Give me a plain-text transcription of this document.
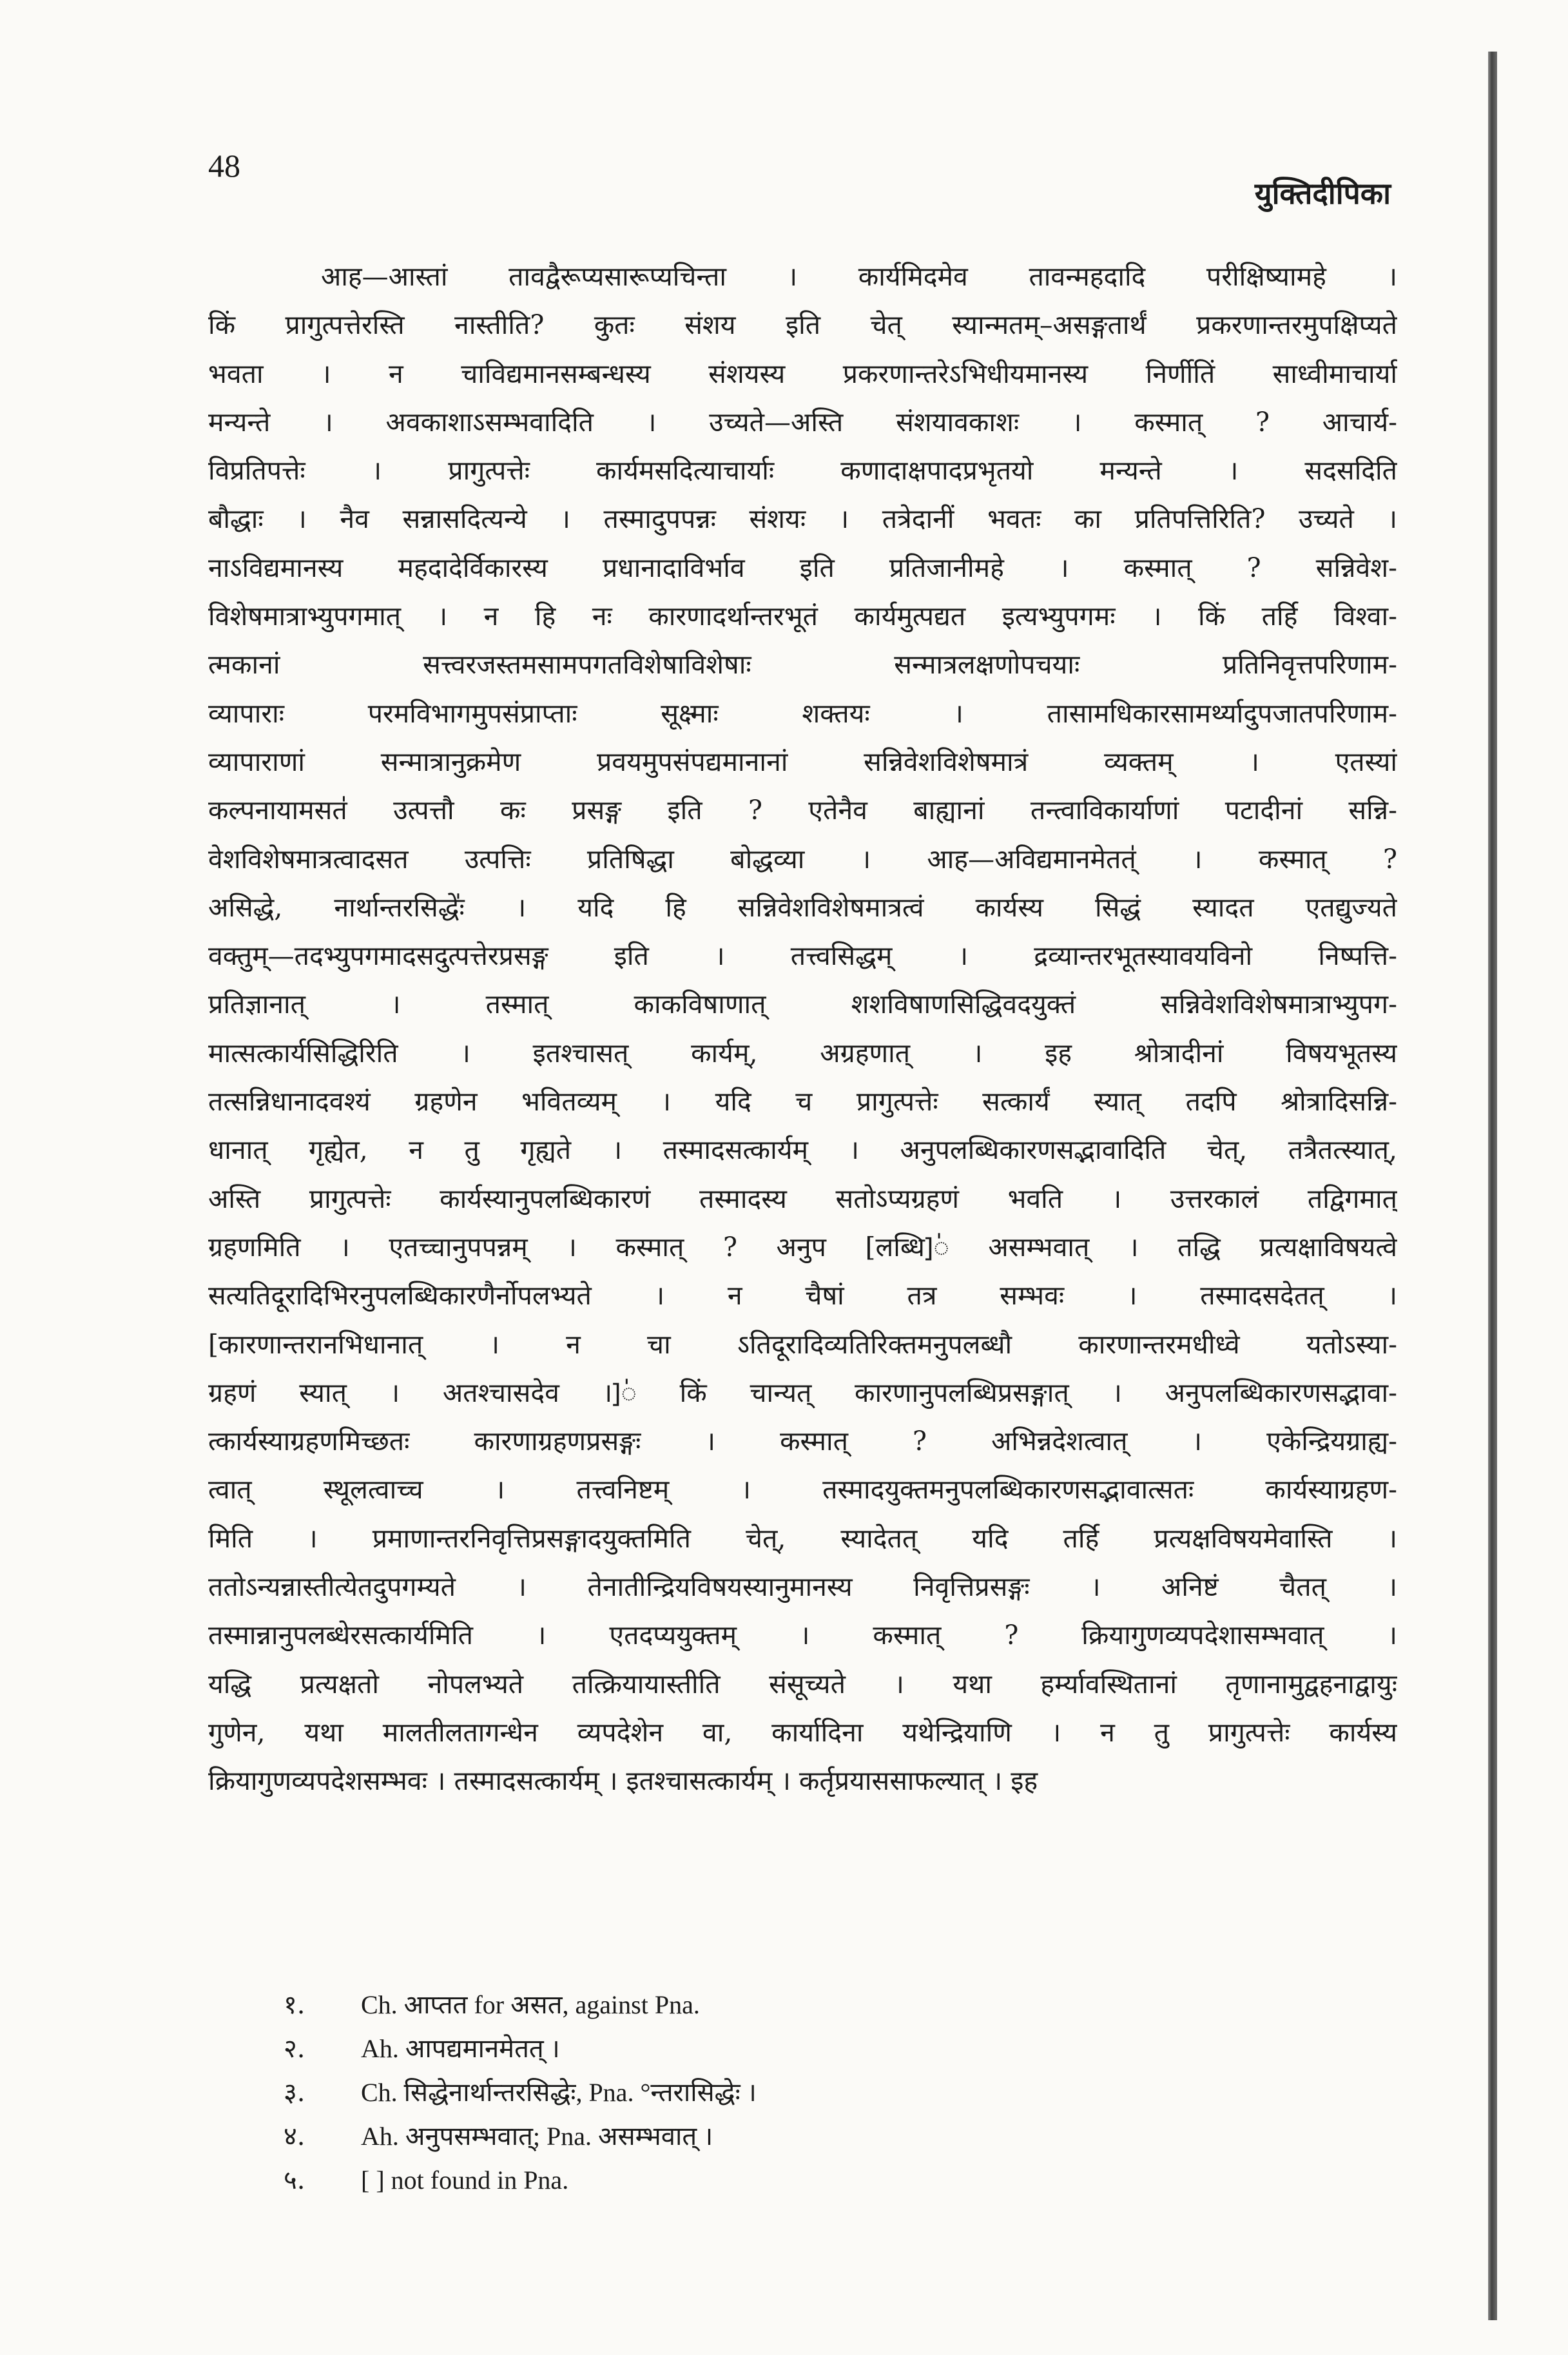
48
युक्तिदीपिका
आह—आस्तां तावद्वैरूप्यसारूप्यचिन्ता । कार्यमिदमेव तावन्महदादि परीक्षिष्यामहे ।
किं प्रागुत्पत्तेरस्ति नास्तीति? कुतः संशय इति चेत् स्यान्मतम्–असङ्गतार्थं प्रकरणान्तरमुपक्षिप्यते
भवता । न चाविद्यमानसम्बन्धस्य संशयस्य प्रकरणान्तरेऽभिधीयमानस्य निर्णीतिं साध्वीमाचार्या
मन्यन्ते । अवकाशाऽसम्भवादिति । उच्यते—अस्ति संशयावकाशः । कस्मात् ? आचार्य-
विप्रतिपत्तेः । प्रागुत्पत्तेः कार्यमसदित्याचार्याः कणादाक्षपादप्रभृतयो मन्यन्ते । सदसदिति
बौद्धाः । नैव सन्नासदित्यन्ये । तस्मादुपपन्नः संशयः । तत्रेदानीं भवतः का प्रतिपत्तिरिति? उच्यते ।
नाऽविद्यमानस्य महदादेर्विकारस्य प्रधानादाविर्भाव इति प्रतिजानीमहे । कस्मात् ? सन्निवेश-
विशेषमात्राभ्युपगमात् । न हि नः कारणादर्थान्तरभूतं कार्यमुत्पद्यत इत्यभ्युपगमः । किं तर्हि विश्वा-
त्मकानां सत्त्वरजस्तमसामपगतविशेषाविशेषाः सन्मात्रलक्षणोपचयाः प्रतिनिवृत्तपरिणाम-
व्यापाराः परमविभागमुपसंप्राप्ताः सूक्ष्माः शक्तयः । तासामधिकारसामर्थ्यादुपजातपरिणाम-
व्यापाराणां सन्मात्रानुक्रमेण प्रवयमुपसंपद्यमानानां सन्निवेशविशेषमात्रं व्यक्तम् । एतस्यां
कल्पनायामसत॑ उत्पत्तौ कः प्रसङ्ग इति ? एतेनैव बाह्यानां तन्त्वाविकार्याणां पटादीनां सन्नि-
वेशविशेषमात्रत्वादसत उत्पत्तिः प्रतिषिद्धा बोद्धव्या । आह—अविद्यमानमेतत्॑ । कस्मात् ?
असिद्धे, नार्थान्तरसिद्धेः॑ । यदि हि सन्निवेशविशेषमात्रत्वं कार्यस्य सिद्धं स्यादत एतद्युज्यते
वक्तुम्—तदभ्युपगमादसदुत्पत्तेरप्रसङ्ग इति । तत्त्वसिद्धम् । द्रव्यान्तरभूतस्यावयविनो निष्पत्ति-
प्रतिज्ञानात् । तस्मात् काकविषाणात् शशविषाणसिद्धिवदयुक्तं सन्निवेशविशेषमात्राभ्युपग-
मात्सत्कार्यसिद्धिरिति । इतश्चासत् कार्यम्, अग्रहणात् । इह श्रोत्रादीनां विषयभूतस्य
तत्सन्निधानादवश्यं ग्रहणेन भवितव्यम् । यदि च प्रागुत्पत्तेः सत्कार्यं स्यात् तदपि श्रोत्रादिसन्नि-
धानात् गृह्येत, न तु गृह्यते । तस्मादसत्कार्यम् । अनुपलब्धिकारणसद्भावादिति चेत्, तत्रैतत्स्यात्,
अस्ति प्रागुत्पत्तेः कार्यस्यानुपलब्धिकारणं तस्मादस्य सतोऽप्यग्रहणं भवति । उत्तरकालं तद्विगमात्
ग्रहणमिति । एतच्चानुपपन्नम् । कस्मात् ? अनुप [लब्धि]॑ असम्भवात् । तद्धि प्रत्यक्षाविषयत्वे
सत्यतिदूरादिभिरनुपलब्धिकारणैर्नोपलभ्यते । न चैषां तत्र सम्भवः । तस्मादसदेतत् ।
[कारणान्तरानभिधानात् । न चा ऽतिदूरादिव्यतिरिक्तमनुपलब्धौ कारणान्तरमधीध्वे यतोऽस्या-
ग्रहणं स्यात् । अतश्चासदेव ।]॑ किं चान्यत् कारणानुपलब्धिप्रसङ्गात् । अनुपलब्धिकारणसद्भावा-
त्कार्यस्याग्रहणमिच्छतः कारणाग्रहणप्रसङ्गः । कस्मात् ? अभिन्नदेशत्वात् । एकेन्द्रियग्राह्य-
त्वात् स्थूलत्वाच्च । तत्त्वनिष्टम् । तस्मादयुक्तमनुपलब्धिकारणसद्भावात्सतः कार्यस्याग्रहण-
मिति । प्रमाणान्तरनिवृत्तिप्रसङ्गादयुक्तमिति चेत्, स्यादेतत् यदि तर्हि प्रत्यक्षविषयमेवास्ति ।
ततोऽन्यन्नास्तीत्येतदुपगम्यते । तेनातीन्द्रियविषयस्यानुमानस्य निवृत्तिप्रसङ्गः । अनिष्टं चैतत् ।
तस्मान्नानुपलब्धेरसत्कार्यमिति । एतदप्ययुक्तम् । कस्मात् ? क्रियागुणव्यपदेशासम्भवात् ।
यद्धि प्रत्यक्षतो नोपलभ्यते तत्क्रियायास्तीति संसूच्यते । यथा हर्म्यावस्थितानां तृणानामुद्वहनाद्वायुः
गुणेन, यथा मालतीलतागन्धेन व्यपदेशेन वा, कार्यादिना यथेन्द्रियाणि । न तु प्रागुत्पत्तेः कार्यस्य
क्रियागुणव्यपदेशसम्भवः । तस्मादसत्कार्यम् । इतश्चासत्कार्यम् । कर्तृप्रयाससाफल्यात् । इह
१.	Ch. आप्तत for असत, against Pna.
२.	Ah. आपद्यमानमेतत् ।
३.	Ch. सिद्धेनार्थान्तरसिद्धेः, Pna. °न्तरासिद्धेः ।
४.	Ah. अनुपसम्भवात्; Pna. असम्भवात् ।
५.	[ ] not found in Pna.
